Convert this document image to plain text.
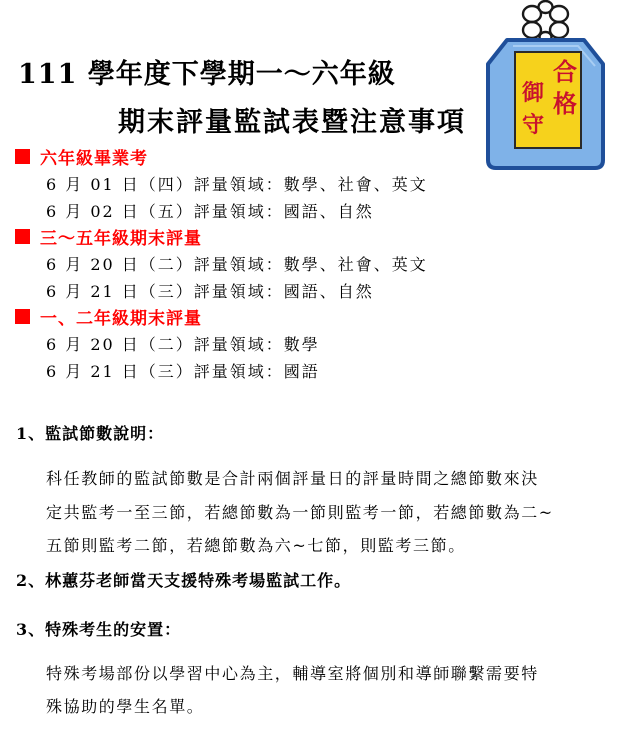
111 學年度下學期一～六年級
期末評量監試表暨注意事項
合
格
御
守
六年級畢業考
6 月 01 日（四）評量領域：數學、社會、英文
6 月 02 日（五）評量領域：國語、自然
三～五年級期末評量
6 月 20 日（二）評量領域：數學、社會、英文
6 月 21 日（三）評量領域：國語、自然
一、二年級期末評量
6 月 20 日（二）評量領域：數學
6 月 21 日（三）評量領域：國語
1、監試節數說明：
科任教師的監試節數是合計兩個評量日的評量時間之總節數來決
定共監考一至三節，若總節數為一節則監考一節，若總節數為二~
五節則監考二節，若總節數為六~七節，則監考三節。
2、林蕙芬老師當天支援特殊考場監試工作。
3、特殊考生的安置：
特殊考場部份以學習中心為主，輔導室將個別和導師聯繫需要特
殊協助的學生名單。
